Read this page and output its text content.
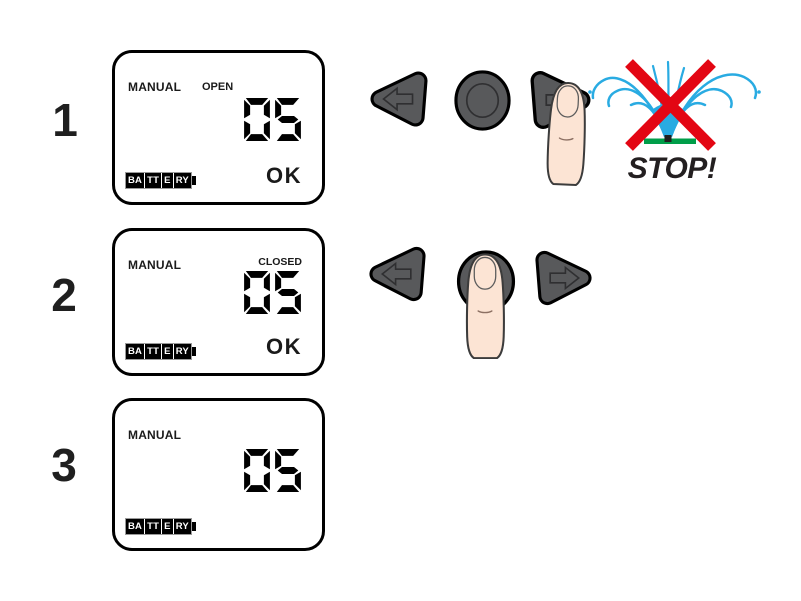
1
MANUAL OPEN
BA TT E RY	OK	STOP!
2
MANUAL	CLOSED
BA TT E RY	OK
3
MANUAL
BA TT E RY
